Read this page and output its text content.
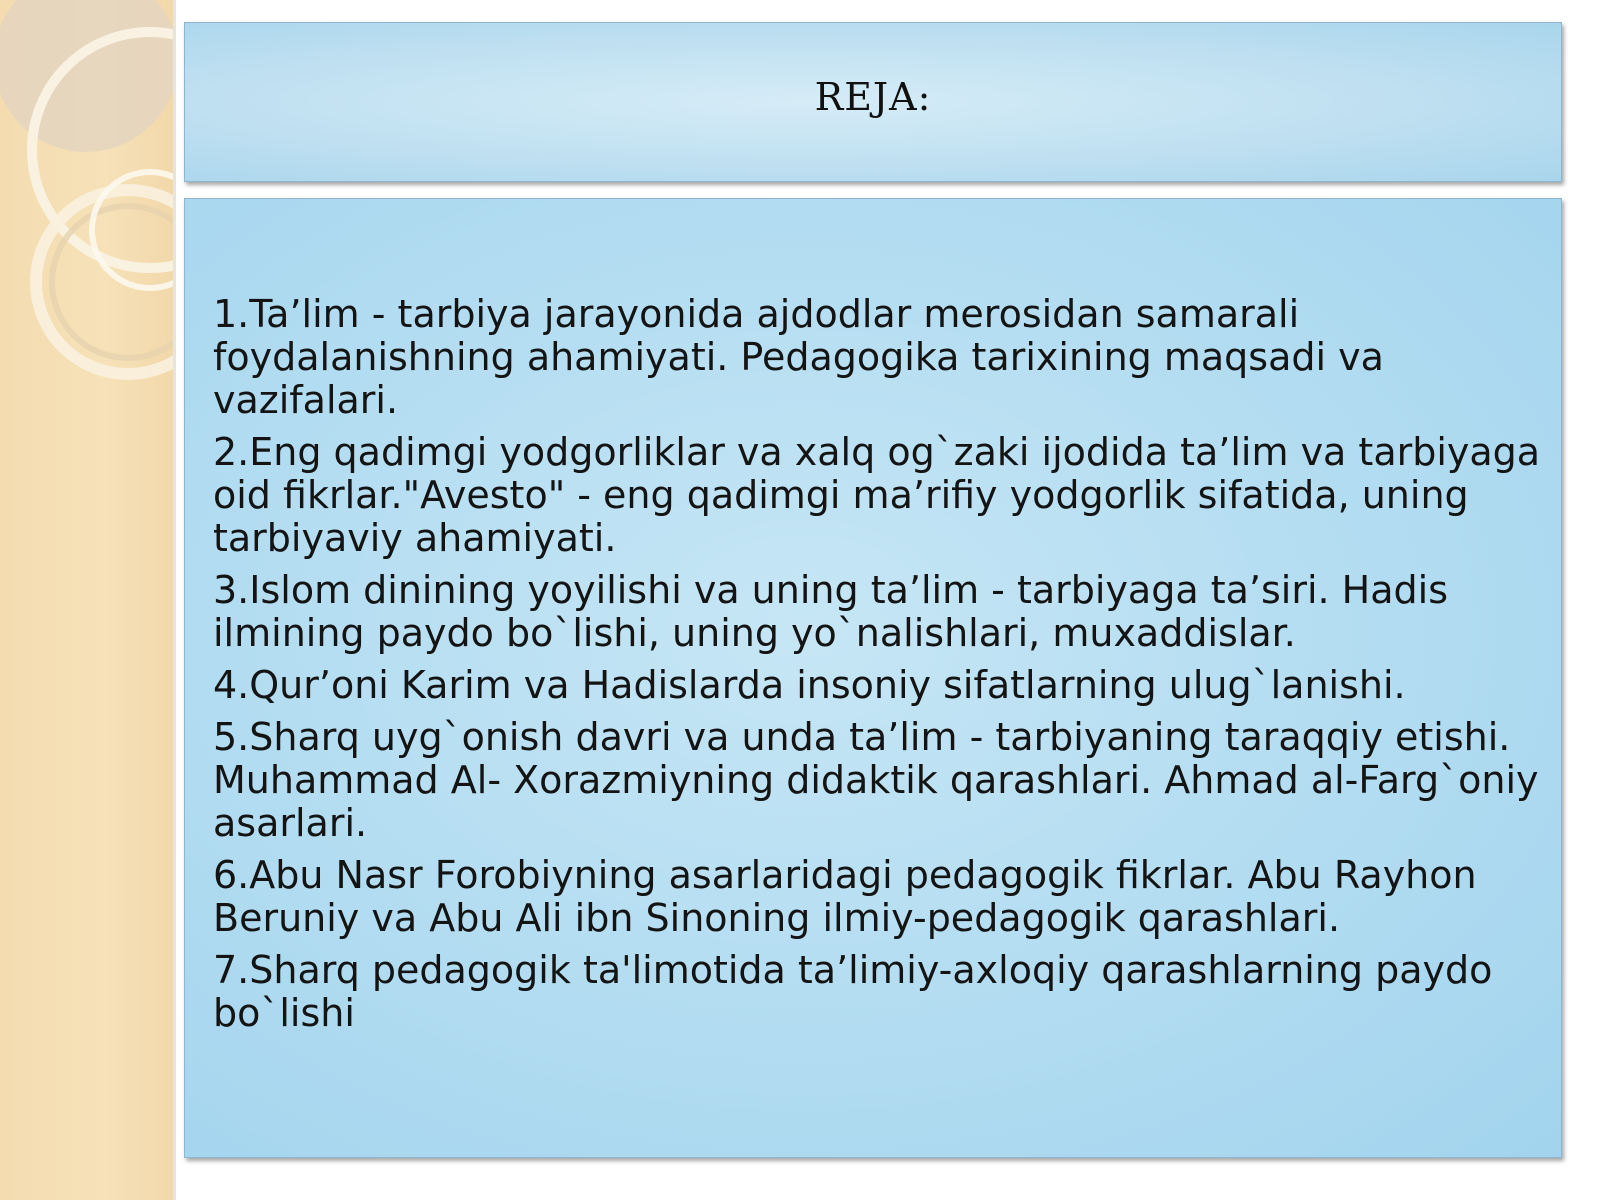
REJA:
1.Ta’lim - tarbiya jarayonida ajdodlar merosidan samarali foydalanishning ahamiyati. Pedagogika tarixining maqsadi va vazifalari.
2.Eng qadimgi yodgorliklar va xalq og`zaki ijodida ta’lim va tarbiyaga oid fikrlar."Avesto" - eng qadimgi ma’rifiy yodgorlik sifatida, uning tarbiyaviy ahamiyati.
3.Islom dinining yoyilishi va uning ta’lim - tarbiyaga ta’siri. Hadis ilmining paydo bo`lishi, uning yo`nalishlari, muxaddislar.
4.Qur’oni Karim va Hadislarda insoniy sifatlarning ulug`lanishi.
5.Sharq uyg`onish davri va unda ta’lim - tarbiyaning taraqqiy etishi. Muhammad Al- Xorazmiyning didaktik qarashlari. Ahmad al-Farg`oniy asarlari.
6.Abu Nasr Forobiyning asarlaridagi pedagogik fikrlar. Abu Rayhon Beruniy va Abu Ali ibn Sinoning ilmiy-pedagogik qarashlari.
7.Sharq pedagogik ta'limotida ta’limiy-axloqiy qarashlarning paydo bo`lishi
